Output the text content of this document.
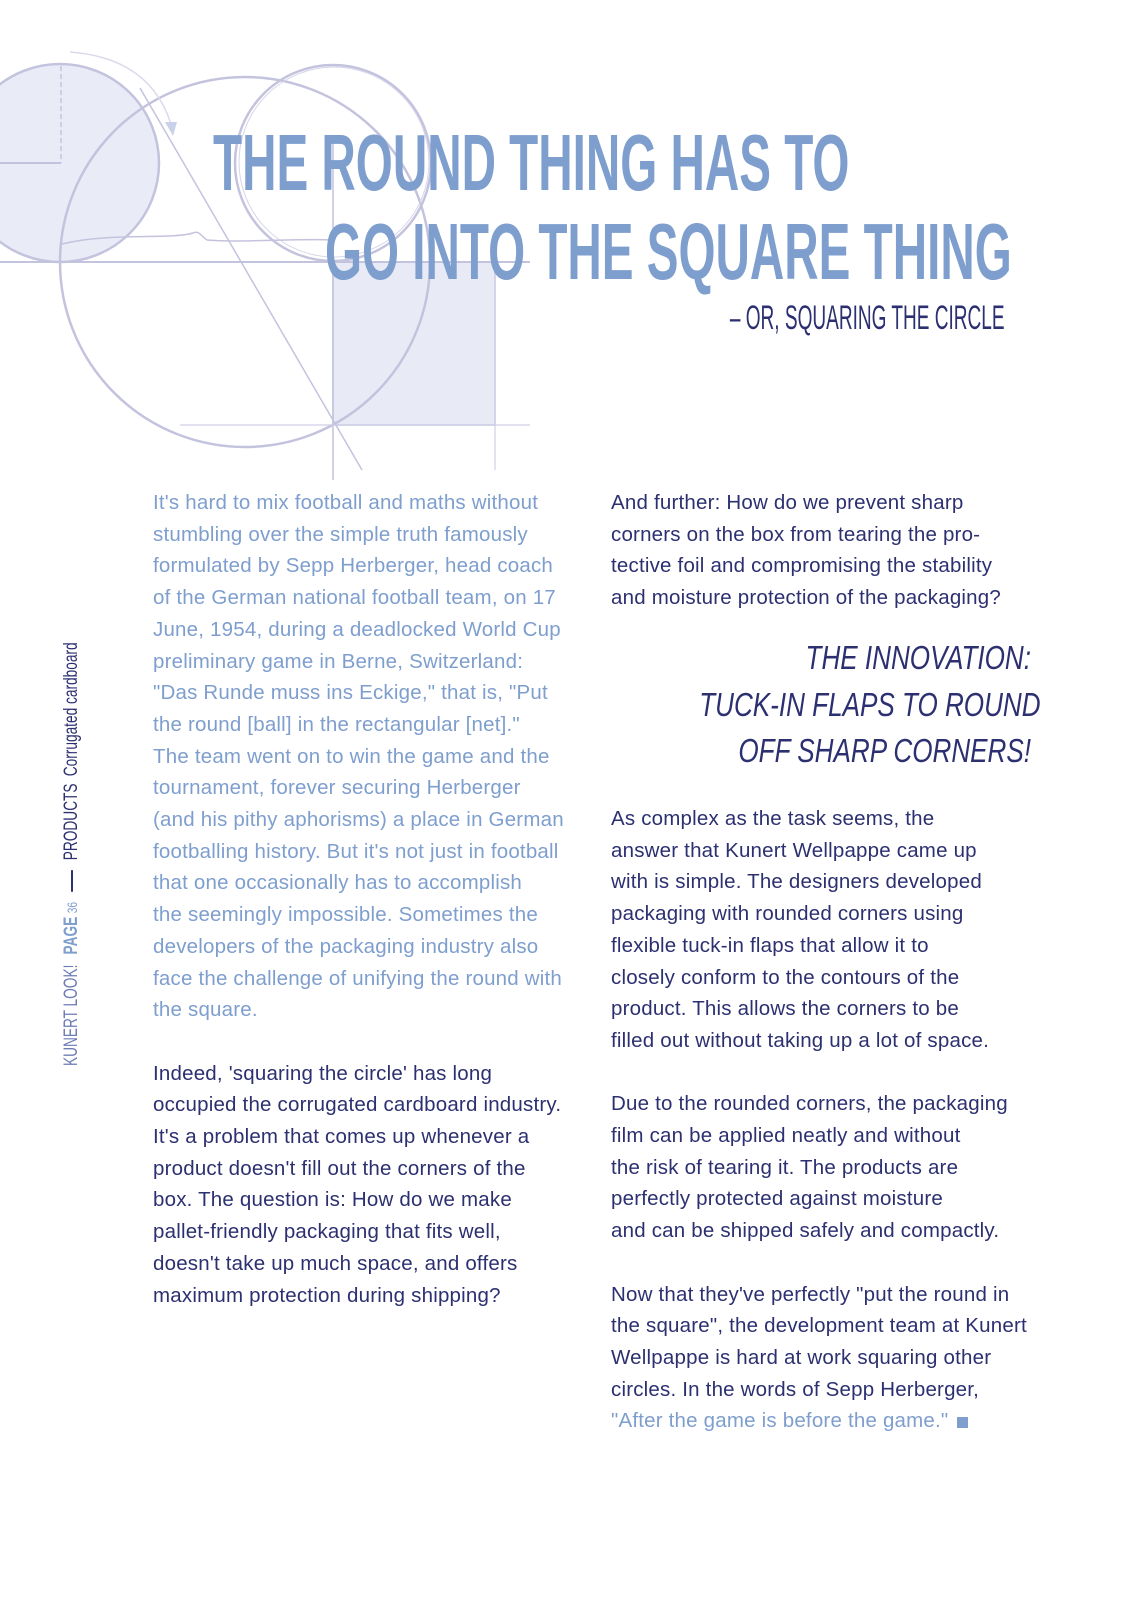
THE ROUND THING HAS TO
GO INTO THE SQUARE THING
– OR, SQUARING THE CIRCLE
KUNERT LOOK!
PAGE
36
PRODUCTS
Corrugated cardboard
It's hard to mix football and maths without
stumbling over the simple truth famously
formulated by Sepp Herberger, head coach
of the German national football team, on 17
June, 1954, during a deadlocked World Cup
preliminary game in Berne, Switzerland:
"Das Runde muss ins Eckige," that is, "Put
the round [ball] in the rectangular [net]."
The team went on to win the game and the
tournament, forever securing Herberger
(and his pithy aphorisms) a place in German
footballing history. But it's not just in football
that one occasionally has to accomplish
the seemingly impossible. Sometimes the
developers of the packaging industry also
face the challenge of unifying the round with
the square.
Indeed, 'squaring the circle' has long
occupied the corrugated cardboard industry.
It's a problem that comes up whenever a
product doesn't fill out the corners of the
box. The question is: How do we make
pallet-friendly packaging that fits well,
doesn't take up much space, and offers
maximum protection during shipping?
And further: How do we prevent sharp
corners on the box from tearing the pro-
tective foil and compromising the stability
and moisture protection of the packaging?
THE INNOVATION:
TUCK-IN FLAPS TO ROUND
OFF SHARP CORNERS!
As complex as the task seems, the
answer that Kunert Wellpappe came up
with is simple. The designers developed
packaging with rounded corners using
flexible tuck-in flaps that allow it to
closely conform to the contours of the
product. This allows the corners to be
filled out without taking up a lot of space.
Due to the rounded corners, the packaging
film can be applied neatly and without
the risk of tearing it. The products are
perfectly protected against moisture
and can be shipped safely and compactly.
Now that they've perfectly "put the round in
the square", the development team at Kunert
Wellpappe is hard at work squaring other
circles. In the words of Sepp Herberger,
"After the game is before the game."
